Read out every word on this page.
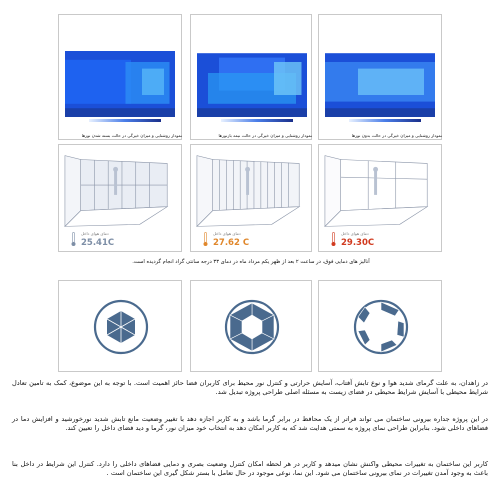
نمودار روشنایی و میزان خیرگی در حالت بسته شدن نورها	نمودار روشنایی و میزان خیرگی در حالت نیمه بازنورها	نمودار روشنایی و میزان خیرگی در حالت بدون نورها
دمای هوای داخل
25.41C
دمای هوای داخل
27.62 C
دمای هوای داخل
29.30C
آنالیز های دمایی فوق، در ساعت ۲ بعد از ظهر یکم مرداد ماه در دمای ۳۳ درجه سانتی گراد انجام گردیده است.
در زاهدان، به علت گرمای شدید هوا و نوع تابش آفتاب، آسایش حرارتی و کنترل نور محیط برای کاربران فضا حائز اهمیت است. با توجه به این موضوع، کمک به تامین تعادل شرایط محیطی با آسایش شرایط محیطی در فضای زیست به مسئله اصلی طراحی پروژه تبدیل شد.
در این پروژه جداره بیرونی ساختمان می تواند فراتر از یک محافظ در برابر گرما باشد و به کاربر اجازه دهد با تغییر وضعیت مانع تابش شدید نورخورشید و افزایش دما در فضاهای داخلی شود. بنابراین طراحی نمای پروژه به سمتی هدایت شد که به کاربر امکان دهد به انتخاب خود میزان نور، گرما و دید فضای داخل را تعیین کند.
کاربر این ساختمان به تغییرات محیطی واکنش نشان میدهد و کاربر در هر لحظه امکان کنترل وضعیت بصری و دمایی فضاهای داخلی را دارد. کنترل این شرایط در داخل بنا باعث به وجود آمدن تغییرات در نمای بیرونی ساختمان می شود. این نما، نوعی موجود در حال تعامل با بستر شکل گیری این ساختمان است .
